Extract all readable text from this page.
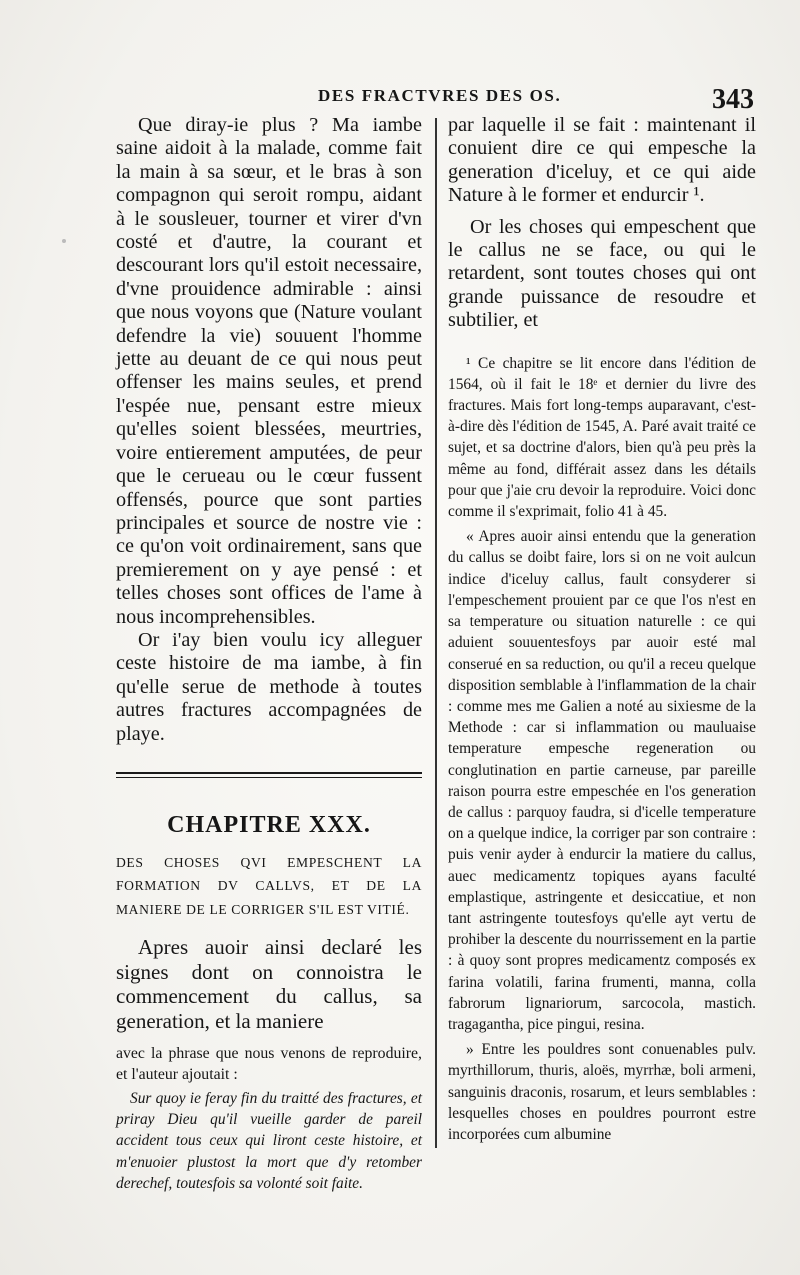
DES FRACTVRES DES OS.	343

Que diray-ie plus ? Ma iambe saine aidoit à la malade, comme fait la main à sa sœur, et le bras à son compagnon qui seroit rompu, aidant à le sousleuer, tourner et virer d'vn costé et d'autre, la courant et descourant lors qu'il estoit necessaire, d'vne prouidence admirable : ainsi que nous voyons que (Nature voulant defendre la vie) souuent l'homme jette au deuant de ce qui nous peut offenser les mains seules, et prend l'espée nue, pensant estre mieux qu'elles soient blessées, meurtries, voire entierement amputées, de peur que le cerueau ou le cœur fussent offensés, pource que sont parties principales et source de nostre vie : ce qu'on voit ordinairement, sans que premierement on y aye pensé : et telles choses sont offices de l'ame à nous incomprehensibles.

Or i'ay bien voulu icy alleguer ceste histoire de ma iambe, à fin qu'elle serue de methode à toutes autres fractures accompagnées de playe.

CHAPITRE XXX.

DES CHOSES QVI EMPESCHENT LA FORMATION DV CALLVS, ET DE LA MANIERE DE LE CORRIGER S'IL EST VITIÉ.

Apres auoir ainsi declaré les signes dont on connoistra le commencement du callus, sa generation, et la maniere

avec la phrase que nous venons de reproduire, et l'auteur ajoutait :

Sur quoy ie feray fin du traitté des fractures, et priray Dieu qu'il vueille garder de pareil accident tous ceux qui liront ceste histoire, et m'enuoier plustost la mort que d'y retomber derechef, toutesfois sa volonté soit faite.

par laquelle il se fait : maintenant il conuient dire ce qui empesche la generation d'iceluy, et ce qui aide Nature à le former et endurcir ¹.

Or les choses qui empeschent que le callus ne se face, ou qui le retardent, sont toutes choses qui ont grande puissance de resoudre et subtilier, et

¹ Ce chapitre se lit encore dans l'édition de 1564, où il fait le 18ᵉ et dernier du livre des fractures. Mais fort long-temps auparavant, c'est-à-dire dès l'édition de 1545, A. Paré avait traité ce sujet, et sa doctrine d'alors, bien qu'à peu près la même au fond, différait assez dans les détails pour que j'aie cru devoir la reproduire. Voici donc comme il s'exprimait, folio 41 à 45.

« Apres auoir ainsi entendu que la generation du callus se doibt faire, lors si on ne voit aulcun indice d'iceluy callus, fault consyderer si l'empeschement prouient par ce que l'os n'est en sa temperature ou situation naturelle : ce qui aduient souuentesfoys par auoir esté mal conserué en sa reduction, ou qu'il a receu quelque disposition semblable à l'inflammation de la chair : comme mes me Galien a noté au sixiesme de la Methode : car si inflammation ou mauluaise temperature empesche regeneration ou conglutination en partie carneuse, par pareille raison pourra estre empeschée en l'os generation de callus : parquoy faudra, si d'icelle temperature on a quelque indice, la corriger par son contraire : puis venir ayder à endurcir la matiere du callus, auec medicamentz topiques ayans faculté emplastique, astringente et desiccatiue, et non tant astringente toutesfoys qu'elle ayt vertu de prohiber la descente du nourrissement en la partie : à quoy sont propres medicamentz composés ex farina volatili, farina frumenti, manna, colla fabrorum lignariorum, sarcocola, mastich. tragagantha, pice pingui, resina.

» Entre les pouldres sont conuenables pulv. myrthillorum, thuris, aloës, myrrhæ, boli armeni, sanguinis draconis, rosarum, et leurs semblables : lesquelles choses en pouldres pourront estre incorporées cum albumine
